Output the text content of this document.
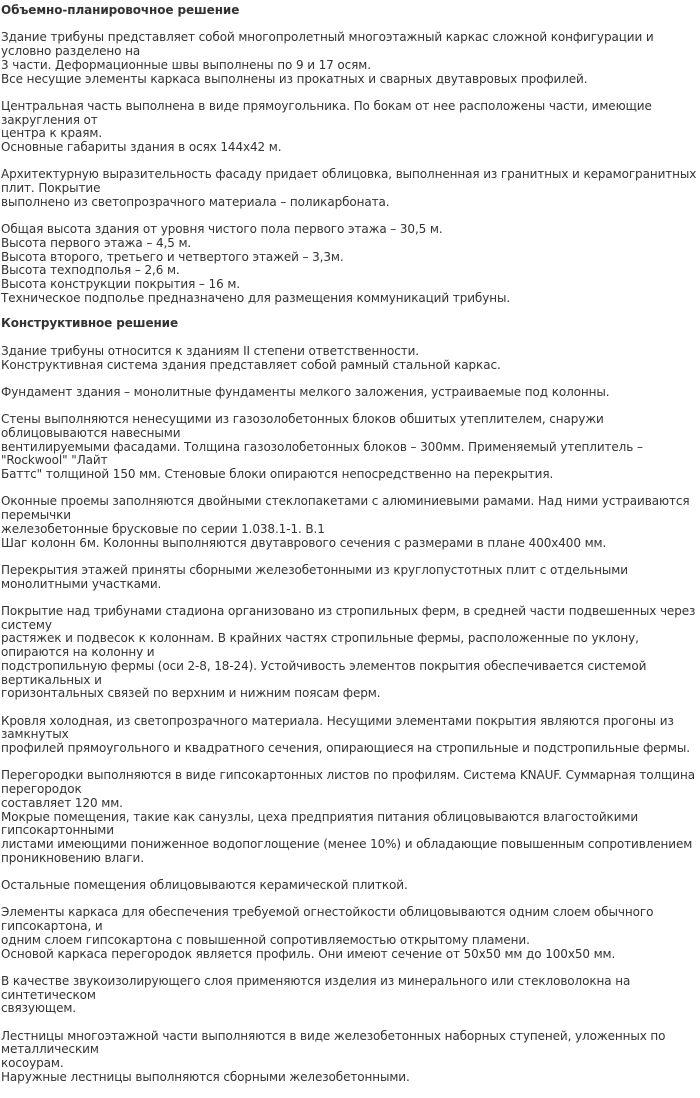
Объемно-планировочное решение
Здание трибуны представляет собой многопролетный многоэтажный каркас сложной конфигурации и условно разделено на
3 части. Деформационные швы выполнены по 9 и 17 осям.
Все несущие элементы каркаса выполнены из прокатных и сварных двутавровых профилей.
Центральная часть выполнена в виде прямоугольника. По бокам от нее расположены части, имеющие закругления от
центра к краям.
Основные габариты здания в осях 144х42 м.
Архитектурную выразительность фасаду придает облицовка, выполненная из гранитных и керамогранитных плит. Покрытие
выполнено из светопрозрачного материала – поликарбоната.
Общая высота здания от уровня чистого пола первого этажа – 30,5 м.
Высота первого этажа – 4,5 м.
Высота второго, третьего и четвертого этажей – 3,3м.
Высота техподполья – 2,6 м.
Высота конструкции покрытия – 16 м.
Техническое подполье предназначено для размещения коммуникаций трибуны.
Конструктивное решение
Здание трибуны относится к зданиям II степени ответственности.
Конструктивная система здания представляет собой рамный стальной каркас.
Фундамент здания – монолитные фундаменты мелкого заложения, устраиваемые под колонны.
Стены выполняются ненесущими из газозолобетонных блоков обшитых утеплителем, снаружи облицовываются навесными
вентилируемыми фасадами. Толщина газозолобетонных блоков – 300мм. Применяемый утеплитель – "Rockwool" "Лайт
Баттс" толщиной 150 мм. Стеновые блоки опираются непосредственно на перекрытия.
Оконные проемы заполняются двойными стеклопакетами с алюминиевыми рамами. Над ними устраиваются перемычки
железобетонные брусковые по серии 1.038.1-1. В.1
Шаг колонн 6м. Колонны выполняются двутаврового сечения с размерами в плане 400х400 мм.
Перекрытия этажей приняты сборными железобетонными из круглопустотных плит с отдельными монолитными участками.
Покрытие над трибунами стадиона организовано из стропильных ферм, в средней части подвешенных через систему
растяжек и подвесок к колоннам. В крайних частях стропильные фермы, расположенные по уклону, опираются на колонну и
подстропильную фермы (оси 2-8, 18-24). Устойчивость элементов покрытия обеспечивается системой вертикальных и
горизонтальных связей по верхним и нижним поясам ферм.
Кровля холодная, из светопрозрачного материала. Несущими элементами покрытия являются прогоны из замкнутых
профилей прямоугольного и квадратного сечения, опирающиеся на стропильные и подстропильные фермы.
Перегородки выполняются в виде гипсокартонных листов по профилям. Система KNAUF. Суммарная толщина перегородок
составляет 120 мм.
Мокрые помещения, такие как санузлы, цеха предприятия питания облицовываются влагостойкими гипсокартонными
листами имеющими пониженное водопоглощение (менее 10%) и обладающие повышенным сопротивлением
проникновению влаги.
Остальные помещения облицовываются керамической плиткой.
Элементы каркаса для обеспечения требуемой огнестойкости облицовываются одним слоем обычного гипсокартона, и
одним слоем гипсокартона с повышенной сопротивляемостью открытому пламени.
Основой каркаса перегородок является профиль. Они имеют сечение от 50х50 мм до 100х50 мм.
В качестве звукоизолирующего слоя применяются изделия из минерального или стекловолокна на синтетическом
связующем.
Лестницы многоэтажной части выполняются в виде железобетонных наборных ступеней, уложенных по металлическим
косоурам.
Наружные лестницы выполняются сборными железобетонными.
